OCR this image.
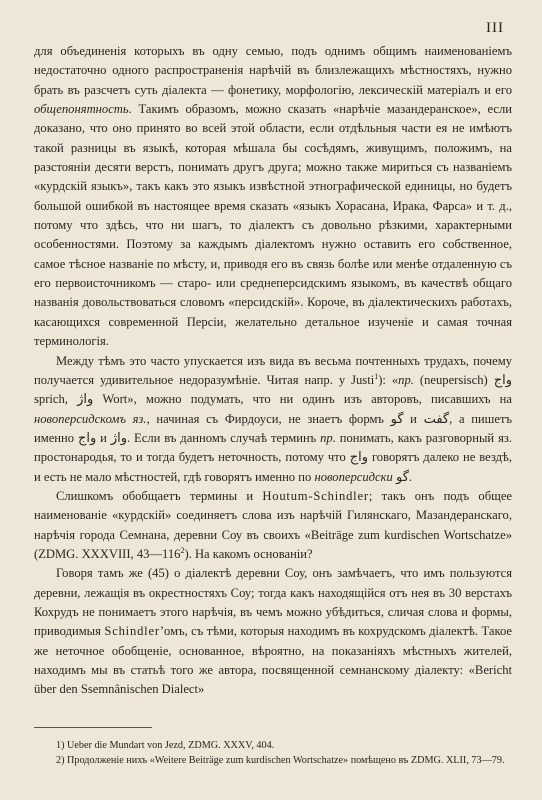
III

для объединенія которыхъ въ одну семью, подъ однимъ общимъ наименованіемъ недостаточно одного распространенія нарѣчій въ близлежащихъ мѣстностяхъ, нужно брать въ разсчетъ суть діалекта — фонетику, морфологію, лексическій матеріалъ и его общепонятность. Такимъ образомъ, можно сказать «нарѣчіе мазандеранское», если доказано, что оно принято во всей этой области, если отдѣльныя части ея не имѣютъ такой разницы въ языкѣ, которая мѣшала бы сосѣдямъ, живущимъ, положимъ, на разстояніи десяти верстъ, понимать другъ друга; можно также мириться съ названіемъ «курдскій языкъ», такъ какъ это языкъ извѣстной этнографической единицы, но будетъ большой ошибкой въ настоящее время сказать «языкъ Хорасана, Ирака, Фарса» и т. д., потому что здѣсь, что ни шагъ, то діалектъ съ довольно рѣзкими, характерными особенностями. Поэтому за каждымъ діалектомъ нужно оставить его собственное, самое тѣсное названіе по мѣсту, и, приводя его въ связь болѣе или менѣе отдаленную съ его первоисточникомъ — старо- или среднеперсидскимъ языкомъ, въ качествѣ общаго названія довольствоваться словомъ «персидскій». Короче, въ діалектическихъ работахъ, касающихся современной Персіи, желательно детальное изученіе и самая точная терминологія.

Между тѣмъ это часто упускается изъ вида въ весьма почтенныхъ трудахъ, почему получается удивительное недоразумѣніе. Читая напр. у Justi$^1$): «пр. (neupersisch) واج sprich, واژ Wort», можно подумать, что ни одинъ изъ авторовъ, писавшихъ на новоперсидскомъ яз., начиная съ Фирдоуси, не знаетъ формъ گو и گفت, а пишетъ именно واج и واژ. Если въ данномъ случаѣ терминъ пр. понимать, какъ разговорный яз. простонародья, то и тогда будетъ неточность, потому что واج говорятъ далеко не вездѣ, и есть не мало мѣстностей, гдѣ говорятъ именно по новоперсидски گو.

Слишкомъ обобщаетъ термины и Houtum-Schindler; такъ онъ подъ общее наименованіе «курдскій» соединяетъ слова изъ нарѣчій Гилянскаго, Мазандеранскаго, нарѣчія города Семнана, деревни Соу въ своихъ «Beiträge zum kurdischen Wortschatze» (ZDMG. XXXVIII, $43—116^2$). На какомъ основаніи?

Говоря тамъ же (45) о діалектѣ деревни Соу, онъ замѣчаетъ, что имъ пользуются деревни, лежащія въ окрестностяхъ Соу; тогда какъ находящійся отъ нея въ 30 верстахъ Кохрудъ не понимаетъ этого нарѣчія, въ чемъ можно убѣдиться, сличая слова и формы, приводимыя Schindler’омъ, съ тѣми, которыя находимъ въ кохрудскомъ діалектѣ. Такое же неточное обобщеніе, основанное, вѣроятно, на показаніяхъ мѣстныхъ жителей, находимъ мы въ статьѣ того же автора, посвященной семнанскому діалекту: «Bericht über den Ssemnânischen Dialect»

1) Ueber die Mundart von Jezd, ZDMG. XXXV, 404.

2) Продолженіе нихъ «Weitere Beiträge zum kurdischen Wortschatze» помѣщено въ ZDMG. XLII, 73—79.
